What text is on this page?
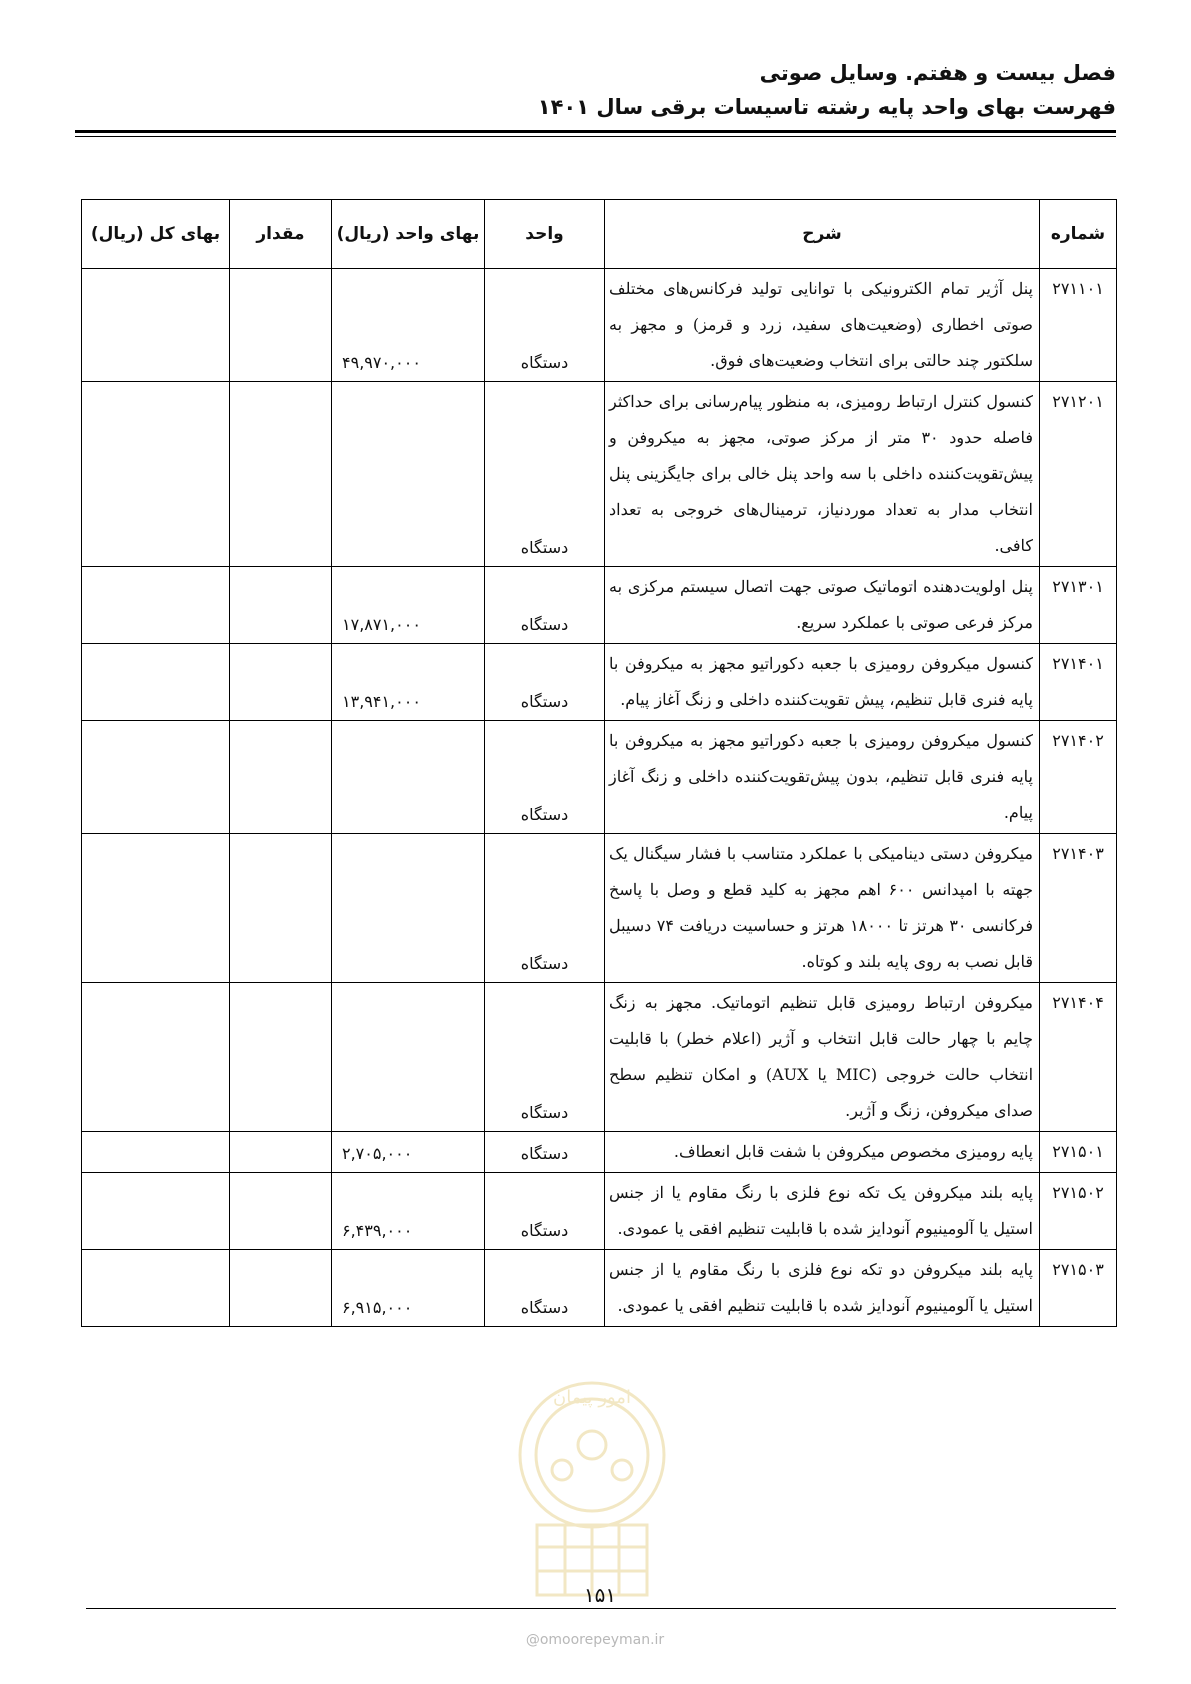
فصل بیست و هفتم. وسایل صوتی
فهرست بهای واحد پایه رشته تاسیسات برقی سال ۱۴۰۱
شماره	شرح	واحد	بهای واحد (ریال)	مقدار	بهای کل (ریال)
۲۷۱۱۰۱	پنل آژیر تمام الکترونیکی با توانایی تولید فرکانس‌های مختلف صوتی اخطاری (وضعیت‌های سفید، زرد و قرمز) و مجهز به سلکتور چند حالتی برای انتخاب وضعیت‌های فوق.	دستگاه	۴۹,۹۷۰,۰۰۰		
۲۷۱۲۰۱	کنسول کنترل ارتباط رومیزی، به منظور پیام‌رسانی برای حداکثر فاصله حدود ۳۰ متر از مرکز صوتی، مجهز به میکروفن و پیش‌تقویت‌کننده داخلی با سه واحد پنل خالی برای جایگزینی پنل انتخاب مدار به تعداد موردنیاز، ترمینال‌های خروجی به تعداد کافی.	دستگاه			
۲۷۱۳۰۱	پنل اولویت‌دهنده اتوماتیک صوتی جهت اتصال سیستم مرکزی به مرکز فرعی صوتی با عملکرد سریع.	دستگاه	۱۷,۸۷۱,۰۰۰		
۲۷۱۴۰۱	کنسول میکروفن رومیزی با جعبه دکوراتیو مجهز به میکروفن با پایه فنری قابل تنظیم، پیش تقویت‌کننده داخلی و زنگ آغاز پیام.	دستگاه	۱۳,۹۴۱,۰۰۰		
۲۷۱۴۰۲	کنسول میکروفن رومیزی با جعبه دکوراتیو مجهز به میکروفن با پایه فنری قابل تنظیم، بدون پیش‌تقویت‌کننده داخلی و زنگ آغاز پیام.	دستگاه			
۲۷۱۴۰۳	میکروفن دستی دینامیکی با عملکرد متناسب با فشار سیگنال یک جهته با امپدانس ۶۰۰ اهم مجهز به کلید قطع و وصل با پاسخ فرکانسی ۳۰ هرتز تا ۱۸۰۰۰ هرتز و حساسیت دریافت ۷۴ دسیبل قابل نصب به روی پایه بلند و کوتاه.	دستگاه			
۲۷۱۴۰۴	میکروفن ارتباط رومیزی قابل تنظیم اتوماتیک. مجهز به زنگ چایم با چهار حالت قابل انتخاب و آژیر (اعلام خطر) با قابلیت انتخاب حالت خروجی (MIC یا AUX) و امکان تنظیم سطح صدای میکروفن، زنگ و آژیر.	دستگاه			
۲۷۱۵۰۱	پایه رومیزی مخصوص میکروفن با شفت قابل انعطاف.	دستگاه	۲,۷۰۵,۰۰۰		
۲۷۱۵۰۲	پایه بلند میکروفن یک تکه نوع فلزی با رنگ مقاوم یا از جنس استیل یا آلومینیوم آنودایز شده با قابلیت تنظیم افقی یا عمودی.	دستگاه	۶,۴۳۹,۰۰۰		
۲۷۱۵۰۳	پایه بلند میکروفن دو تکه نوع فلزی با رنگ مقاوم یا از جنس استیل یا آلومینیوم آنودایز شده با قابلیت تنظیم افقی یا عمودی.	دستگاه	۶,۹۱۵,۰۰۰		
امور پیمان
۱۵۱
@omoorepeyman.ir
